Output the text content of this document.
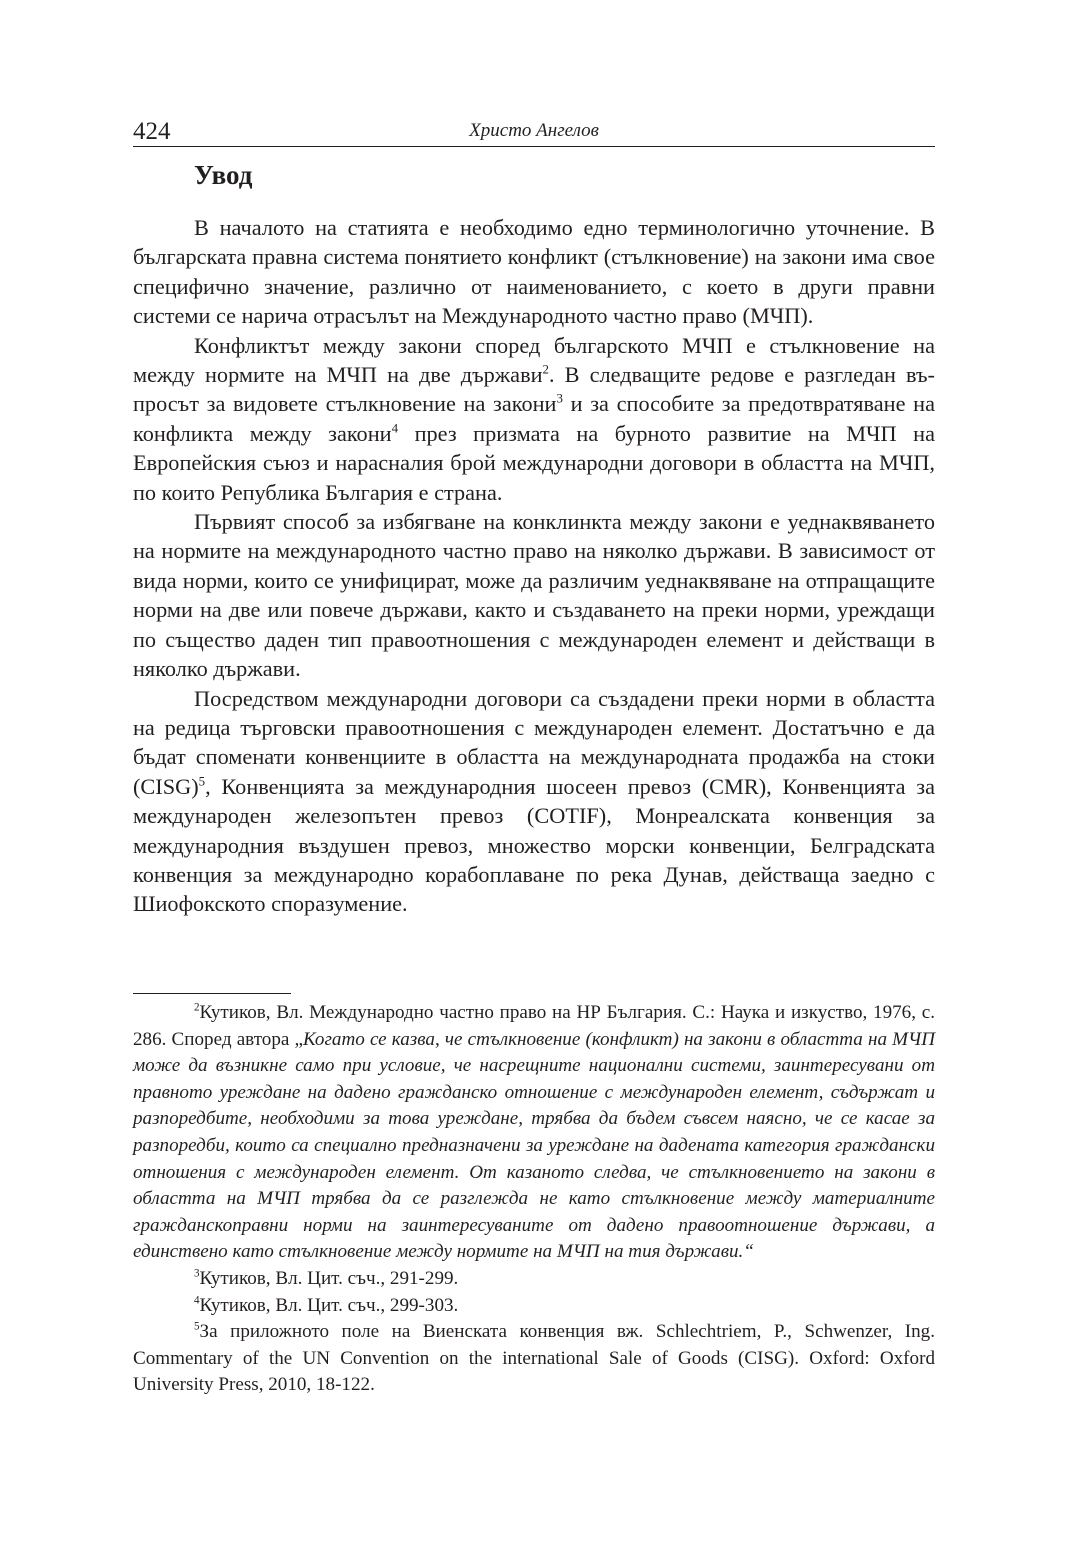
424	Христо Ангелов
Увод

В началото на статията е необходимо едно терминологично уточнение. В българската правна система понятието конфликт (стълкновение) на закони има свое специфично значение, различно от наименованието, с което в други правни системи се нарича отрасълът на Международното частно право (МЧП).

Конфликтът между закони според българското МЧП е стълкновение на между нормите на МЧП на две държави$^2$. В следващите редове е разгледан въпросът за видовете стълкновение на закони$^3$ и за способите за предотвратяване на конфликта между закони$^4$ през призмата на бурното развитие на МЧП на Европейския съюз и нарасналия брой международни договори в областта на МЧП, по които Република България е страна.

Първият способ за избягване на конклинкта между закони е уеднаквяването на нормите на международното частно право на няколко държави. В зависимост от вида норми, които се унифицират, може да различим уеднаквяване на отпращащите норми на две или повече държави, както и създаването на преки норми, уреждащи по същество даден тип правоотношения с международен елемент и действащи в няколко държави.

Посредством международни договори са създадени преки норми в областта на редица търговски правоотношения с международен елемент. Достатъчно е да бъдат споменати конвенциите в областта на международната продажба на стоки (CISG)$^5$, Конвенцията за международния шосеен превоз (CMR), Конвенцията за международен железопътен превоз (COTIF), Монреалската конвенция за международния въздушен превоз, множество морски конвенции, Белградската конвенция за международно корабоплаване по река Дунав, действаща заедно с Шиофокското споразумение.

$^2$Кутиков, Вл. Международно частно право на НР България. С.: Наука и изкуство, 1976, с. 286. Според автора „Когато се казва, че стълкновение (конфликт) на закони в областта на МЧП може да възникне само при условие, че насрещните национални системи, заинтересувани от правното уреждане на дадено гражданско отношение с международен елемент, съдържат и разпоредбите, необходими за това уреждане, трябва да бъдем съвсем наясно, че се касае за разпоредби, които са специално предназначени за уреждане на дадената категория граждански отношения с международен елемент. От казаното следва, че стълкновението на закони в областта на МЧП трябва да се разглежда не като стълкновение между материалните гражданскоправни норми на заинтересуваните от дадено правоотношение държави, а единствено като стълкновение между нормите на МЧП на тия държави.“

$^3$Кутиков, Вл. Цит. съч., 291-299.

$^4$Кутиков, Вл. Цит. съч., 299-303.

$^5$За приложното поле на Виенската конвенция вж. Schlechtriem, P., Schwenzer, Ing. Commentary of the UN Convention on the international Sale of Goods (CISG). Oxford: Oxford University Press, 2010, 18-122.
